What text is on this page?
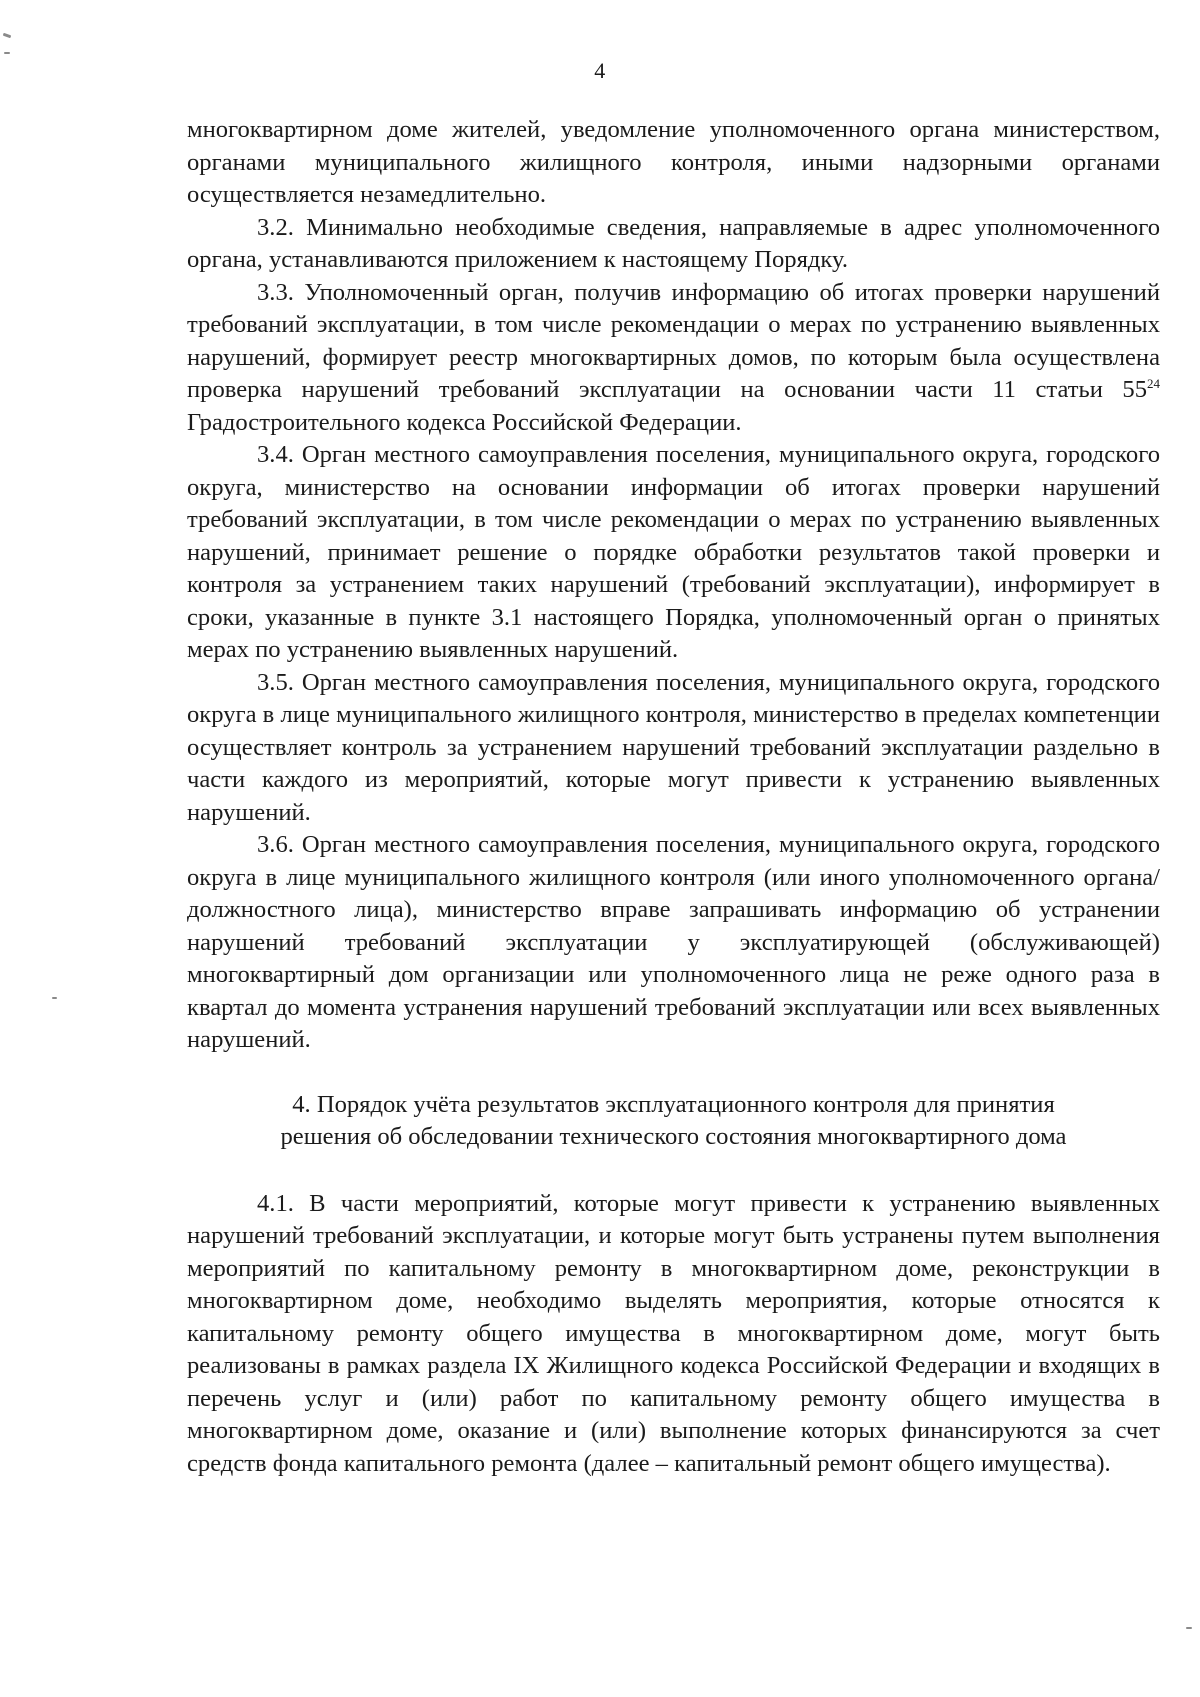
4

многоквартирном доме жителей, уведомление уполномоченного органа министерством, органами муниципального жилищного контроля, иными надзорными органами осуществляется незамедлительно.

3.2. Минимально необходимые сведения, направляемые в адрес уполномоченного органа, устанавливаются приложением к настоящему Порядку.

3.3. Уполномоченный орган, получив информацию об итогах проверки нарушений требований эксплуатации, в том числе рекомендации о мерах по устранению выявленных нарушений, формирует реестр многоквартирных домов, по которым была осуществлена проверка нарушений требований эксплуатации на основании части 11 статьи $55^{24}$ Градостроительного кодекса Российской Федерации.

3.4. Орган местного самоуправления поселения, муниципального округа, городского округа, министерство на основании информации об итогах проверки нарушений требований эксплуатации, в том числе рекомендации о мерах по устранению выявленных нарушений, принимает решение о порядке обработки результатов такой проверки и контроля за устранением таких нарушений (требований эксплуатации), информирует в сроки, указанные в пункте 3.1 настоящего Порядка, уполномоченный орган о принятых мерах по устранению выявленных нарушений.

3.5. Орган местного самоуправления поселения, муниципального округа, городского округа в лице муниципального жилищного контроля, министерство в пределах компетенции осуществляет контроль за устранением нарушений требований эксплуатации раздельно в части каждого из мероприятий, которые могут привести к устранению выявленных нарушений.

3.6. Орган местного самоуправления поселения, муниципального округа, городского округа в лице муниципального жилищного контроля (или иного уполномоченного органа/должностного лица), министерство вправе запрашивать информацию об устранении нарушений требований эксплуатации у эксплуатирующей (обслуживающей) многоквартирный дом организации или уполномоченного лица не реже одного раза в квартал до момента устранения нарушений требований эксплуатации или всех выявленных нарушений.

4. Порядок учёта результатов эксплуатационного контроля для принятия
решения об обследовании технического состояния многоквартирного дома

4.1. В части мероприятий, которые могут привести к устранению выявленных нарушений требований эксплуатации, и которые могут быть устранены путем выполнения мероприятий по капитальному ремонту в многоквартирном доме, реконструкции в многоквартирном доме, необходимо выделять мероприятия, которые относятся к капитальному ремонту общего имущества в многоквартирном доме, могут быть реализованы в рамках раздела IX Жилищного кодекса Российской Федерации и входящих в перечень услуг и (или) работ по капитальному ремонту общего имущества в многоквартирном доме, оказание и (или) выполнение которых финансируются за счет средств фонда капитального ремонта (далее – капитальный ремонт общего имущества).
